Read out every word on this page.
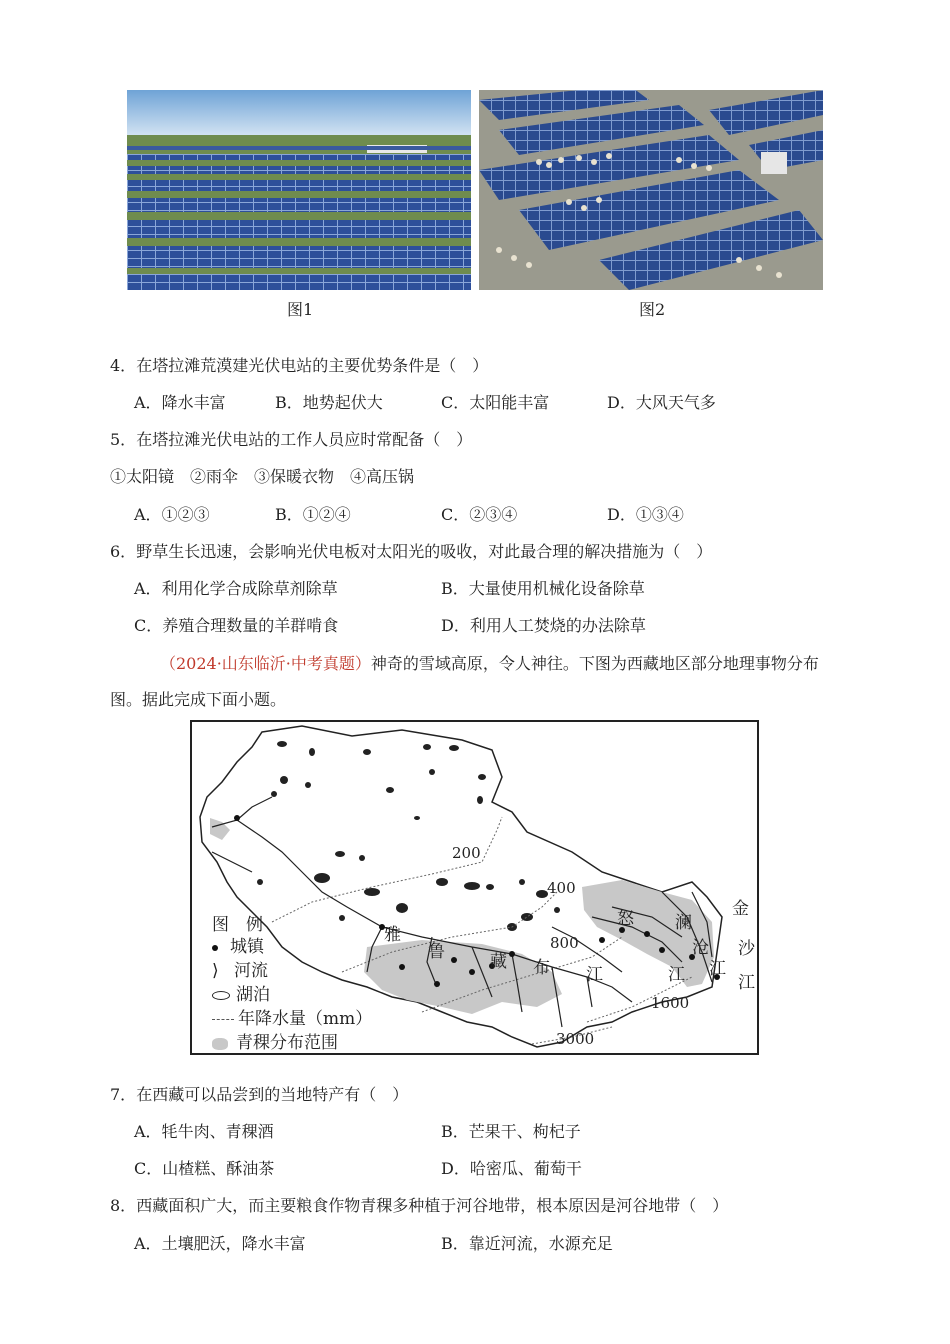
图1	图2
4．在塔拉滩荒漠建光伏电站的主要优势条件是（　）
A．降水丰富	B．地势起伏大	C．太阳能丰富	D．大风天气多
5．在塔拉滩光伏电站的工作人员应时常配备（　）
①太阳镜　②雨伞　③保暖衣物　④高压锅
A．①②③	B．①②④	C．②③④	D．①③④
6．野草生长迅速，会影响光伏电板对太阳光的吸收，对此最合理的解决措施为（　）
A．利用化学合成除草剂除草	B．大量使用机械化设备除草
C．养殖合理数量的羊群啃食	D．利用人工焚烧的办法除草
（2024·山东临沂·中考真题）神奇的雪域高原，令人神往。下图为西藏地区部分地理事物分布
图。据此完成下面小题。
图　例
城镇
⟩ 河流
湖泊
年降水量（mm）
青稞分布范围
200
400
800
1600
3000
雅
鲁	藏 布 江
怒
江
澜
沧
江
金
沙
江
7．在西藏可以品尝到的当地特产有（　）
A．牦牛肉、青稞酒	B．芒果干、枸杞子
C．山楂糕、酥油茶	D．哈密瓜、葡萄干
8．西藏面积广大，而主要粮食作物青稞多种植于河谷地带，根本原因是河谷地带（　）
A．土壤肥沃，降水丰富	B．靠近河流，水源充足
